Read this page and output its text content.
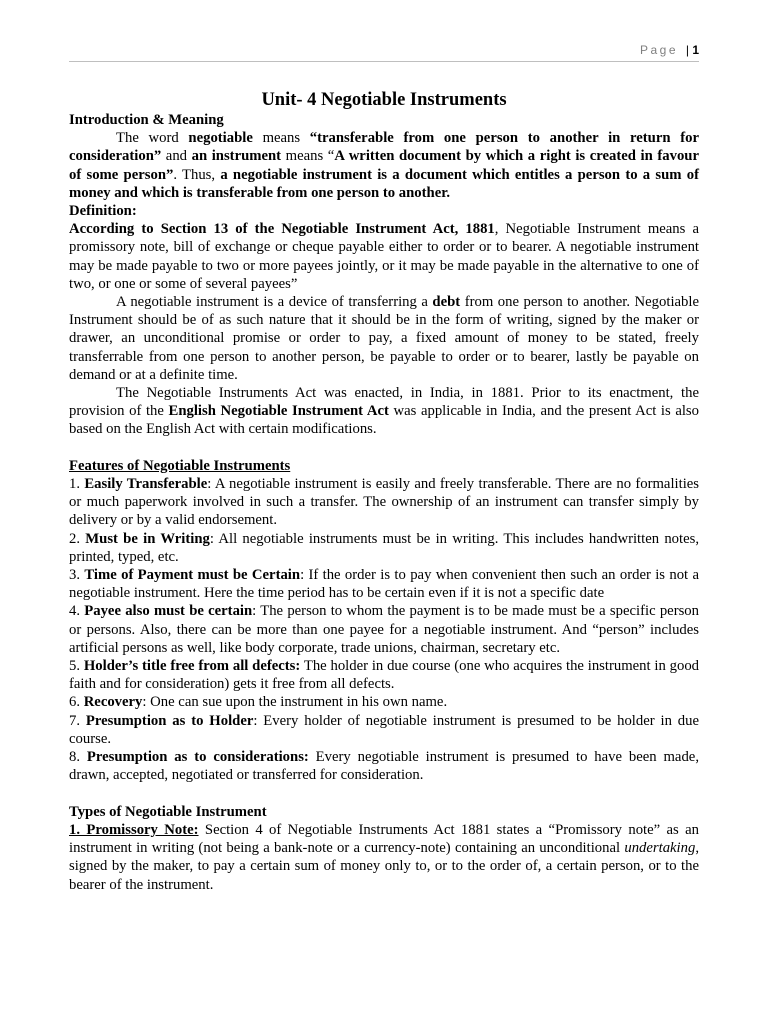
Page | 1
Unit- 4 Negotiable Instruments

Introduction & Meaning

The word negotiable means “transferable from one person to another in return for consideration” and an instrument means “A written document by which a right is created in favour of some person”. Thus, a negotiable instrument is a document which entitles a person to a sum of money and which is transferable from one person to another.

Definition:

According to Section 13 of the Negotiable Instrument Act, 1881, Negotiable Instrument means a promissory note, bill of exchange or cheque payable either to order or to bearer. A negotiable instrument may be made payable to two or more payees jointly, or it may be made payable in the alternative to one of two, or one or some of several payees”

A negotiable instrument is a device of transferring a debt from one person to another. Negotiable Instrument should be of as such nature that it should be in the form of writing, signed by the maker or drawer, an unconditional promise or order to pay, a fixed amount of money to be stated, freely transferrable from one person to another person, be payable to order or to bearer, lastly be payable on demand or at a definite time.

The Negotiable Instruments Act was enacted, in India, in 1881. Prior to its enactment, the provision of the English Negotiable Instrument Act was applicable in India, and the present Act is also based on the English Act with certain modifications.

Features of Negotiable Instruments

1. Easily Transferable: A negotiable instrument is easily and freely transferable. There are no formalities or much paperwork involved in such a transfer. The ownership of an instrument can transfer simply by delivery or by a valid endorsement.

2. Must be in Writing: All negotiable instruments must be in writing. This includes handwritten notes, printed, typed, etc.

3. Time of Payment must be Certain: If the order is to pay when convenient then such an order is not a negotiable instrument. Here the time period has to be certain even if it is not a specific date

4. Payee also must be certain: The person to whom the payment is to be made must be a specific person or persons. Also, there can be more than one payee for a negotiable instrument. And “person” includes artificial persons as well, like body corporate, trade unions, chairman, secretary etc.

5. Holder’s title free from all defects: The holder in due course (one who acquires the instrument in good faith and for consideration) gets it free from all defects.

6. Recovery: One can sue upon the instrument in his own name.

7. Presumption as to Holder: Every holder of negotiable instrument is presumed to be holder in due course.

8. Presumption as to considerations: Every negotiable instrument is presumed to have been made, drawn, accepted, negotiated or transferred for consideration.

Types of Negotiable Instrument

1. Promissory Note: Section 4 of Negotiable Instruments Act 1881 states a “Promissory note” as an instrument in writing (not being a bank-note or a currency-note) containing an unconditional undertaking, signed by the maker, to pay a certain sum of money only to, or to the order of, a certain person, or to the bearer of the instrument.
